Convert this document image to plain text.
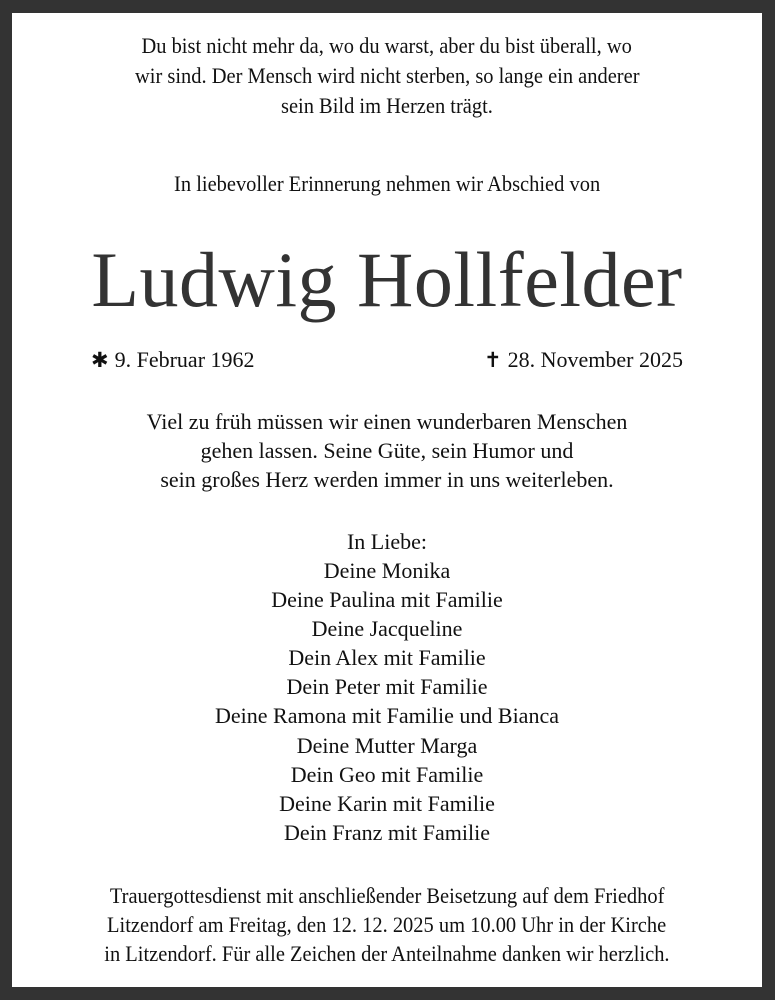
Du bist nicht mehr da, wo du warst, aber du bist überall, wo
wir sind. Der Mensch wird nicht sterben, so lange ein anderer
sein Bild im Herzen trägt.
In liebevoller Erinnerung nehmen wir Abschied von
Ludwig Hollfelder
✱ 9. Februar 1962	✝ 28. November 2025
Viel zu früh müssen wir einen wunderbaren Menschen
gehen lassen. Seine Güte, sein Humor und
sein großes Herz werden immer in uns weiterleben.
In Liebe:
Deine Monika
Deine Paulina mit Familie
Deine Jacqueline
Dein Alex mit Familie
Dein Peter mit Familie
Deine Ramona mit Familie und Bianca
Deine Mutter Marga
Dein Geo mit Familie
Deine Karin mit Familie
Dein Franz mit Familie
Trauergottesdienst mit anschließender Beisetzung auf dem Friedhof
Litzendorf am Freitag, den 12. 12. 2025 um 10.00 Uhr in der Kirche
in Litzendorf. Für alle Zeichen der Anteilnahme danken wir herzlich.
